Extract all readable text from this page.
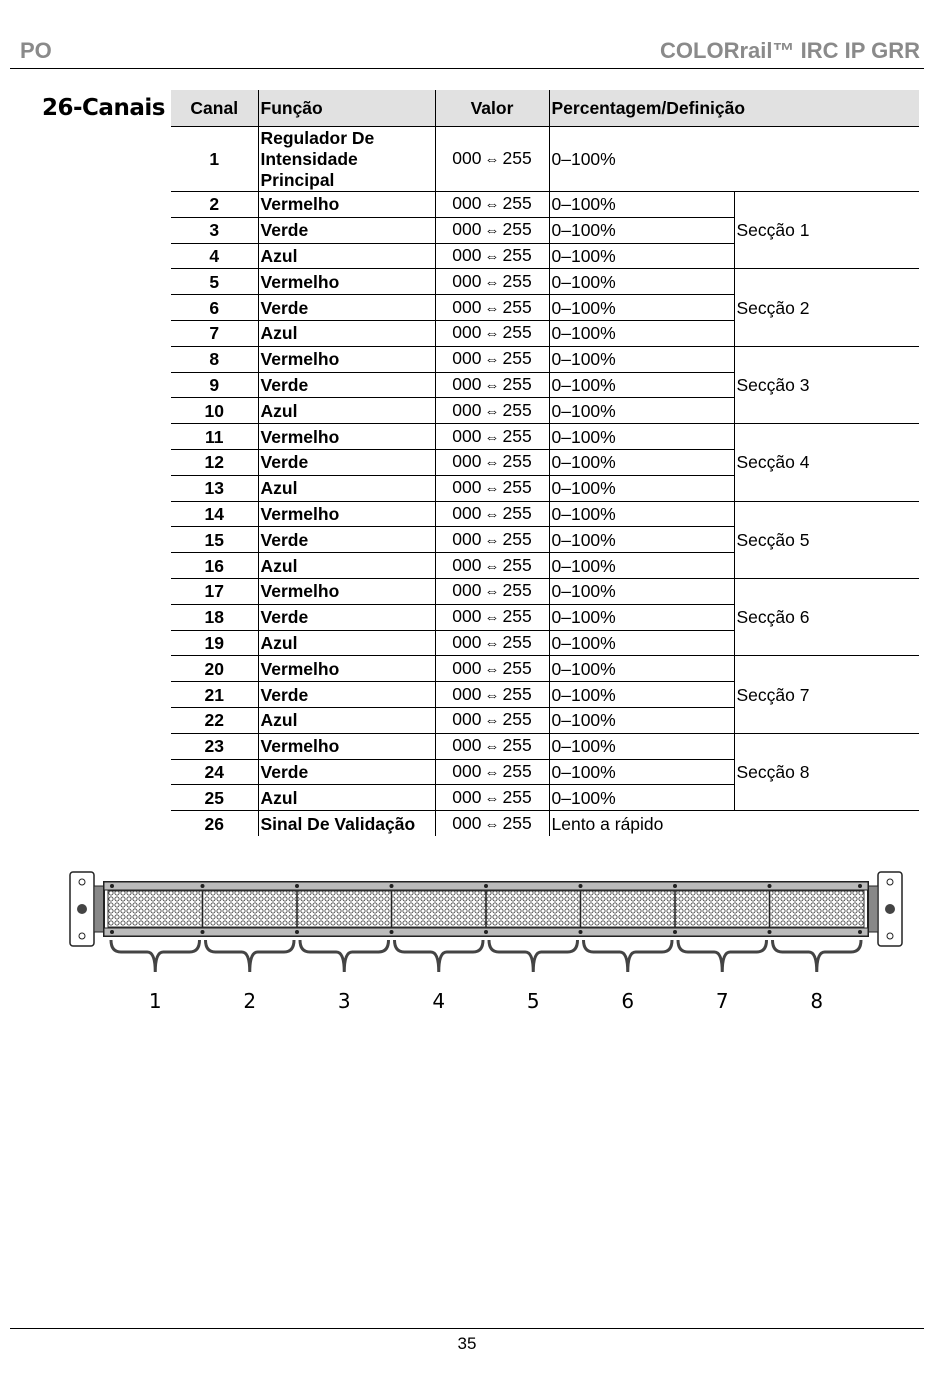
PO	COLORrail™ IRC IP GRR
26-Canais Canal	Função	Valor	Percentagem/Definição	
1	Regulador De Intensidade Principal	000 ⇔ 255	0–100%	
2	Vermelho	000 ⇔ 255	0–100%	Secção 1
3	Verde	000 ⇔ 255	0–100%	
4	Azul	000 ⇔ 255	0–100%	
5	Vermelho	000 ⇔ 255	0–100%	Secção 2
6	Verde	000 ⇔ 255	0–100%	
7	Azul	000 ⇔ 255	0–100%	
8	Vermelho	000 ⇔ 255	0–100%	Secção 3
9	Verde	000 ⇔ 255	0–100%	
10	Azul	000 ⇔ 255	0–100%	
11	Vermelho	000 ⇔ 255	0–100%	Secção 4
12	Verde	000 ⇔ 255	0–100%	
13	Azul	000 ⇔ 255	0–100%	
14	Vermelho	000 ⇔ 255	0–100%	Secção 5
15	Verde	000 ⇔ 255	0–100%	
16	Azul	000 ⇔ 255	0–100%	
17	Vermelho	000 ⇔ 255	0–100%	Secção 6
18	Verde	000 ⇔ 255	0–100%	
19	Azul	000 ⇔ 255	0–100%	
20	Vermelho	000 ⇔ 255	0–100%	Secção 7
21	Verde	000 ⇔ 255	0–100%	
22	Azul	000 ⇔ 255	0–100%	
23	Vermelho	000 ⇔ 255	0–100%	Secção 8
24	Verde	000 ⇔ 255	0–100%	
25	Azul	000 ⇔ 255	0–100%	
26	Sinal De Validação	000 ⇔ 255	Lento a rápido	
1	2	3	4	5	6	7	8
35
